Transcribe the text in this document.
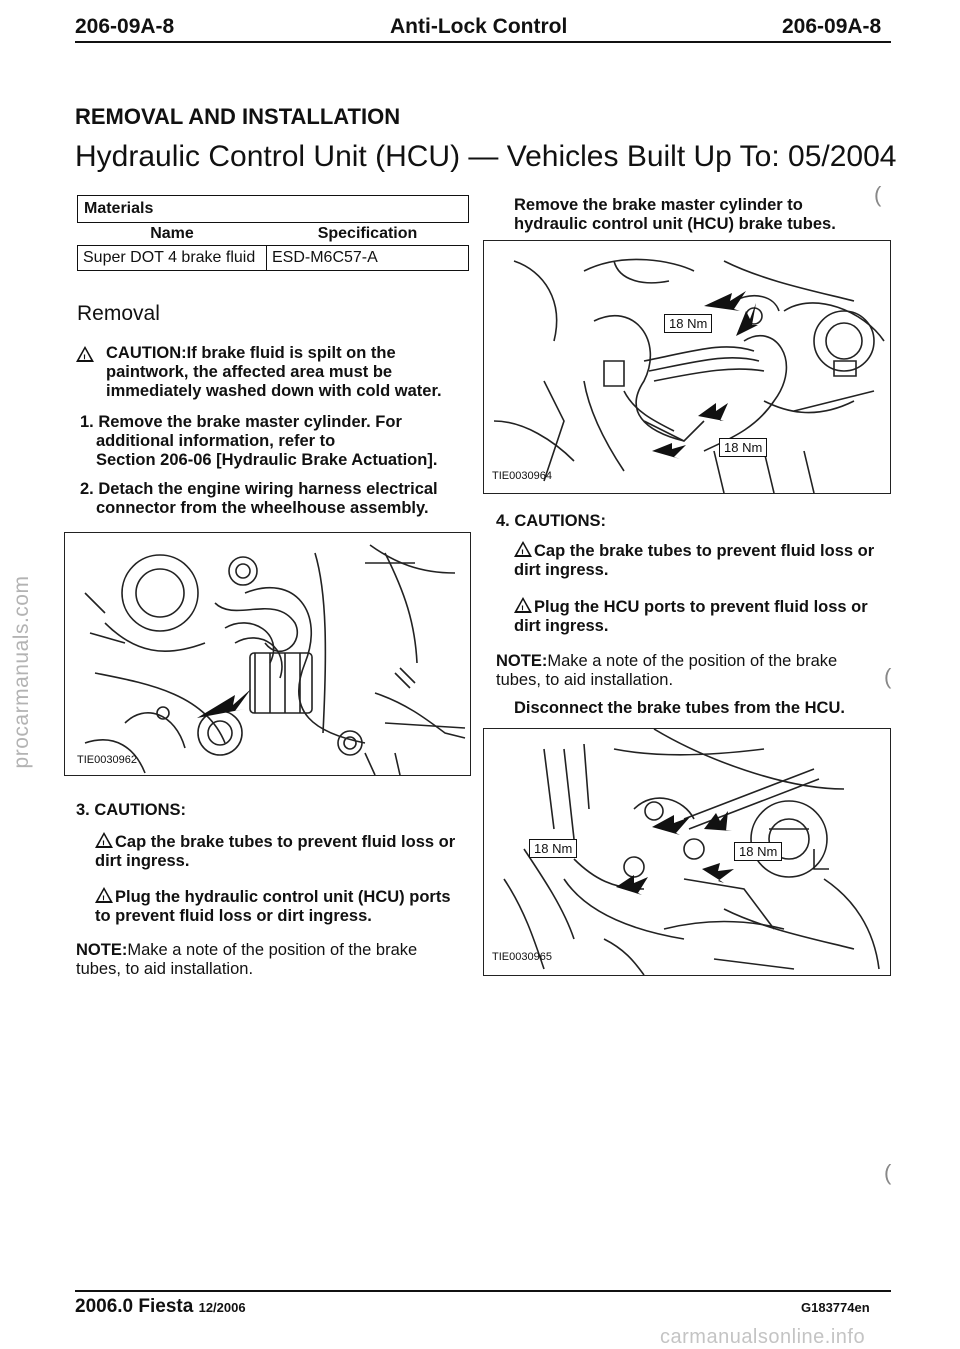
procarmanuals.com
206-09A-8	Anti-Lock Control	206-09A-8
REMOVAL AND INSTALLATION
Hydraulic Control Unit (HCU) — Vehicles Built Up To: 05/2004
Materials	
Name	Specification
Super DOT 4 brake fluid	ESD-M6C57-A
Removal
!
CAUTION:If brake fluid is spilt on the paintwork, the affected area must be immediately washed down with cold water.
1. Remove the brake master cylinder. For additional information, refer to
Section 206-06 [Hydraulic Brake Actuation].
2. Detach the engine wiring harness electrical connector from the wheelhouse assembly.
TIE0030962
3. CAUTIONS:
!Cap the brake tubes to prevent fluid loss or dirt ingress.
!Plug the hydraulic control unit (HCU) ports to prevent fluid loss or dirt ingress.
NOTE:Make a note of the position of the brake tubes, to aid installation.
Remove the brake master cylinder to hydraulic control unit (HCU) brake tubes.
18 Nm
18 Nm
TIE0030964
4. CAUTIONS:
!Cap the brake tubes to prevent fluid loss or dirt ingress.
!Plug the HCU ports to prevent fluid loss or dirt ingress.
NOTE:Make a note of the position of the brake tubes, to aid installation.
Disconnect the brake tubes from the HCU.
18 Nm	18 Nm
TIE0030965
(
(
(
2006.0 Fiesta 12/2006	G183774en
carmanualsonline.info
